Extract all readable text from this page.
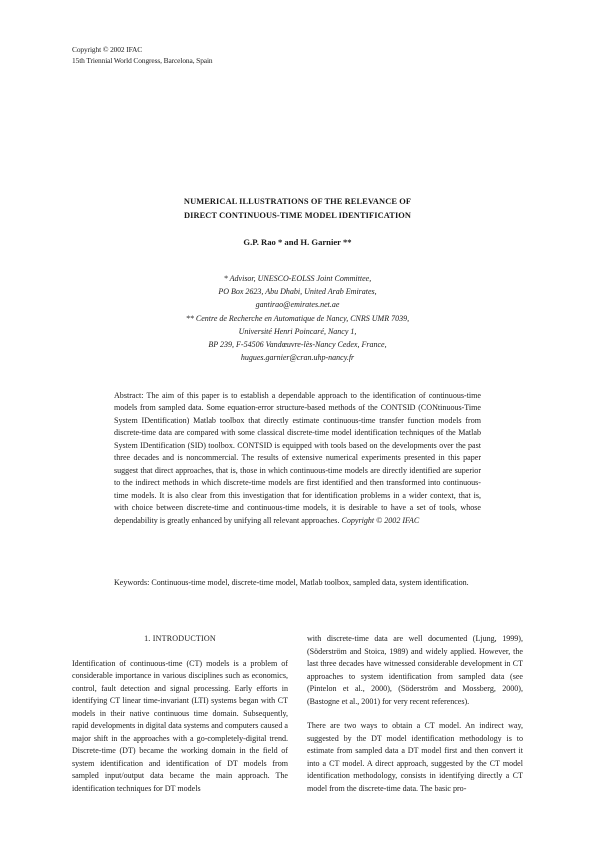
Copyright © 2002 IFAC
15th Triennial World Congress, Barcelona, Spain
NUMERICAL ILLUSTRATIONS OF THE RELEVANCE OF
DIRECT CONTINUOUS-TIME MODEL IDENTIFICATION
G.P. Rao * and H. Garnier **
* Advisor, UNESCO-EOLSS Joint Committee,
PO Box 2623, Abu Dhabi, United Arab Emirates,
gantirao@emirates.net.ae
** Centre de Recherche en Automatique de Nancy, CNRS UMR 7039,
Université Henri Poincaré, Nancy 1,
BP 239, F-54506 Vandœuvre-lès-Nancy Cedex, France,
hugues.garnier@cran.uhp-nancy.fr
Abstract: The aim of this paper is to establish a dependable approach to the identification of continuous-time models from sampled data. Some equation-error structure-based methods of the CONTSID (CONtinuous-Time System IDentification) Matlab toolbox that directly estimate continuous-time transfer function models from discrete-time data are compared with some classical discrete-time model identification techniques of the Matlab System IDentification (SID) toolbox. CONTSID is equipped with tools based on the developments over the past three decades and is noncommercial. The results of extensive numerical experiments presented in this paper suggest that direct approaches, that is, those in which continuous-time models are directly identified are superior to the indirect methods in which discrete-time models are first identified and then transformed into continuous-time models. It is also clear from this investigation that for identification problems in a wider context, that is, with choice between discrete-time and continuous-time models, it is desirable to have a set of tools, whose dependability is greatly enhanced by unifying all relevant approaches. Copyright © 2002 IFAC
Keywords: Continuous-time model, discrete-time model, Matlab toolbox, sampled data, system identification.
1. INTRODUCTION

Identification of continuous-time (CT) models is a problem of considerable importance in various disciplines such as economics, control, fault detection and signal processing. Early efforts in identifying CT linear time-invariant (LTI) systems began with CT models in their native continuous time domain. Subsequently, rapid developments in digital data systems and computers caused a major shift in the approaches with a go-completely-digital trend. Discrete-time (DT) became the working domain in the field of system identification and identification of DT models from sampled input/output data became the main approach. The identification techniques for DT models

with discrete-time data are well documented (Ljung, 1999), (Söderström and Stoica, 1989) and widely applied. However, the last three decades have witnessed considerable development in CT approaches to system identification from sampled data (see (Pintelon et al., 2000), (Söderström and Mossberg, 2000), (Bastogne et al., 2001) for very recent references).

There are two ways to obtain a CT model. An indirect way, suggested by the DT model identification methodology is to estimate from sampled data a DT model first and then convert it into a CT model. A direct approach, suggested by the CT model identification methodology, consists in identifying directly a CT model from the discrete-time data. The basic pro-
